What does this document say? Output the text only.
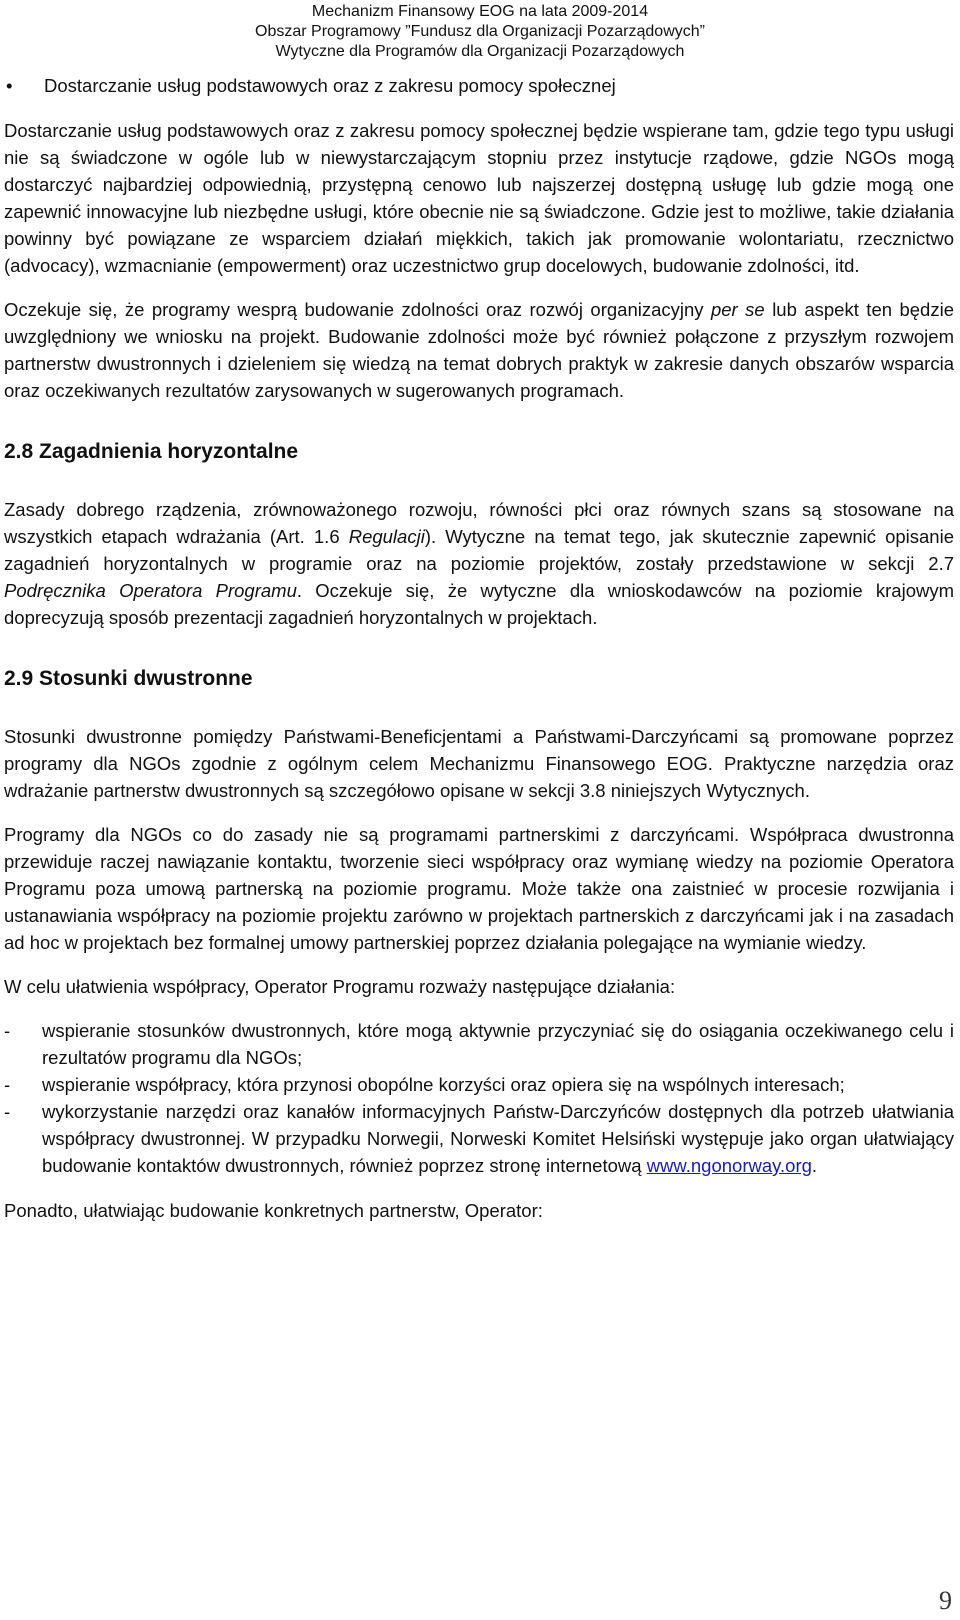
Mechanizm Finansowy EOG na lata 2009-2014
Obszar Programowy ”Fundusz dla Organizacji Pozarządowych”
Wytyczne dla Programów dla Organizacji Pozarządowych
•	Dostarczanie usług podstawowych oraz z zakresu pomocy społecznej

Dostarczanie usług podstawowych oraz z zakresu pomocy społecznej będzie wspierane tam, gdzie tego typu usługi nie są świadczone w ogóle lub w niewystarczającym stopniu przez instytucje rządowe, gdzie NGOs mogą dostarczyć najbardziej odpowiednią, przystępną cenowo lub najszerzej dostępną usługę lub gdzie mogą one zapewnić innowacyjne lub niezbędne usługi, które obecnie nie są świadczone. Gdzie jest to możliwe, takie działania powinny być powiązane ze wsparciem działań miękkich, takich jak promowanie wolontariatu, rzecznictwo (advocacy), wzmacnianie (empowerment) oraz uczestnictwo grup docelowych, budowanie zdolności, itd.

Oczekuje się, że programy wesprą budowanie zdolności oraz rozwój organizacyjny per se lub aspekt ten będzie uwzględniony we wniosku na projekt. Budowanie zdolności może być również połączone z przyszłym rozwojem partnerstw dwustronnych i dzieleniem się wiedzą na temat dobrych praktyk w zakresie danych obszarów wsparcia oraz oczekiwanych rezultatów zarysowanych w sugerowanych programach.

2.8 Zagadnienia horyzontalne

Zasady dobrego rządzenia, zrównoważonego rozwoju, równości płci oraz równych szans są stosowane na wszystkich etapach wdrażania (Art. 1.6 Regulacji). Wytyczne na temat tego, jak skutecznie zapewnić opisanie zagadnień horyzontalnych w programie oraz na poziomie projektów, zostały przedstawione w sekcji 2.7 Podręcznika Operatora Programu. Oczekuje się, że wytyczne dla wnioskodawców na poziomie krajowym doprecyzują sposób prezentacji zagadnień horyzontalnych w projektach.

2.9 Stosunki dwustronne

Stosunki dwustronne pomiędzy Państwami-Beneficjentami a Państwami-Darczyńcami są promowane poprzez programy dla NGOs zgodnie z ogólnym celem Mechanizmu Finansowego EOG. Praktyczne narzędzia oraz wdrażanie partnerstw dwustronnych są szczegółowo opisane w sekcji 3.8 niniejszych Wytycznych.

Programy dla NGOs co do zasady nie są programami partnerskimi z darczyńcami. Współpraca dwustronna przewiduje raczej nawiązanie kontaktu, tworzenie sieci współpracy oraz wymianę wiedzy na poziomie Operatora Programu poza umową partnerską na poziomie programu. Może także ona zaistnieć w procesie rozwijania i ustanawiania współpracy na poziomie projektu zarówno w projektach partnerskich z darczyńcami jak i na zasadach ad hoc w projektach bez formalnej umowy partnerskiej poprzez działania polegające na wymianie wiedzy.

W celu ułatwienia współpracy, Operator Programu rozważy następujące działania:

-	wspieranie stosunków dwustronnych, które mogą aktywnie przyczyniać się do osiągania oczekiwanego celu i rezultatów programu dla NGOs;
-	wspieranie współpracy, która przynosi obopólne korzyści oraz opiera się na wspólnych interesach;
-	wykorzystanie narzędzi oraz kanałów informacyjnych Państw-Darczyńców dostępnych dla potrzeb ułatwiania współpracy dwustronnej. W przypadku Norwegii, Norweski Komitet Helsiński występuje jako organ ułatwiający budowanie kontaktów dwustronnych, również poprzez stronę internetową www.ngonorway.org.

Ponadto, ułatwiając budowanie konkretnych partnerstw, Operator:

9
